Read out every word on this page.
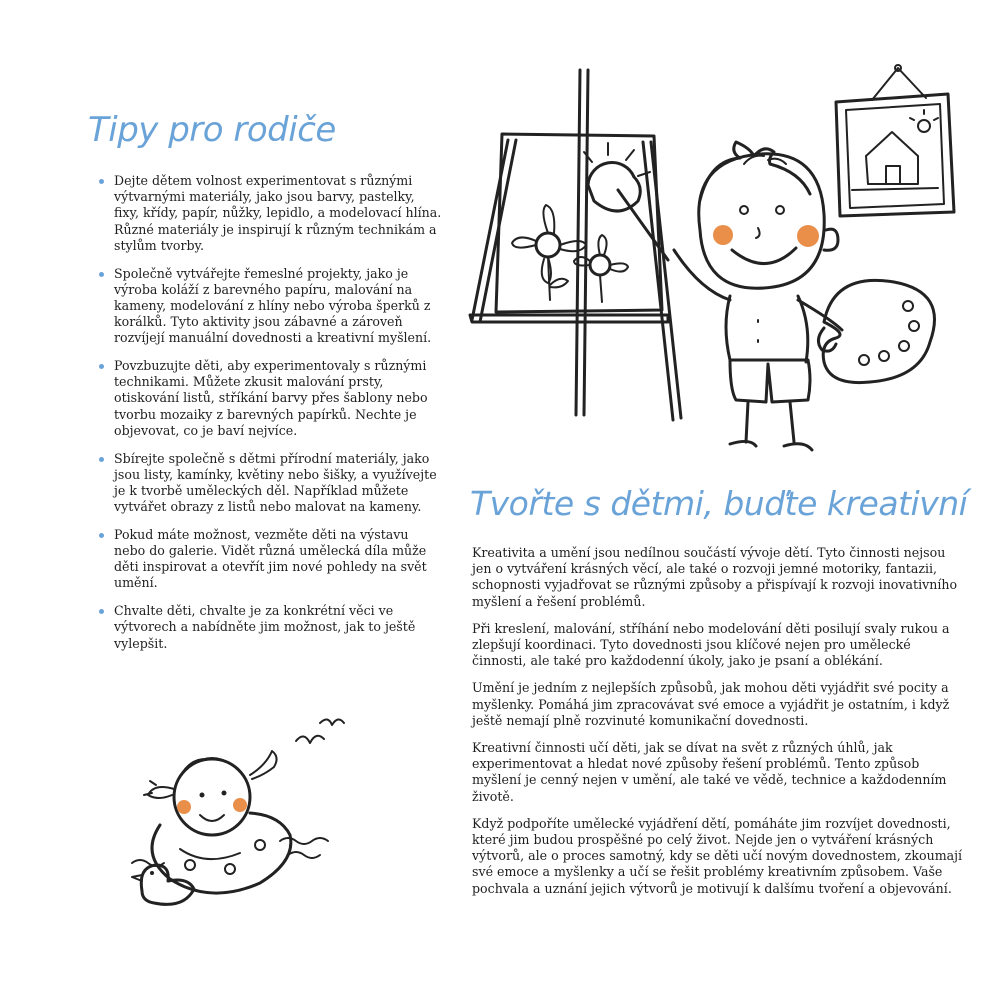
Tipy pro rodiče
Dejte dětem volnost experimentovat s různými výtvarnými materiály, jako jsou barvy, pastelky, fixy, křídy, papír, nůžky, lepidlo, a modelovací hlína. Různé materiály je inspirují k různým technikám a stylům tvorby.
Společně vytvářejte řemeslné projekty, jako je výroba koláží z barevného papíru, malování na kameny, modelování z hlíny nebo výroba šperků z korálků. Tyto aktivity jsou zábavné a zároveň rozvíjejí manuální dovednosti a kreativní myšlení.
Povzbuzujte děti, aby experimentovaly s různými technikami. Můžete zkusit malování prsty, otiskování listů, stříkání barvy přes šablony nebo tvorbu mozaiky z barevných papírků. Nechte je objevovat, co je baví nejvíce.
Sbírejte společně s dětmi přírodní materiály, jako jsou listy, kamínky, květiny nebo šišky, a využívejte je k tvorbě uměleckých děl. Například můžete vytvářet obrazy z listů nebo malovat na kameny.
Pokud máte možnost, vezměte děti na výstavu nebo do galerie. Vidět různá umělecká díla může děti inspirovat a otevřít jim nové pohledy na svět umění.
Chvalte děti, chvalte je za konkrétní věci ve výtvorech a nabídněte jim možnost, jak to ještě vylepšit.
Tvořte s dětmi, buďte kreativní

Kreativita a umění jsou nedílnou součástí vývoje dětí. Tyto činnosti nejsou jen o vytváření krásných věcí, ale také o rozvoji jemné motoriky, fantazii, schopnosti vyjadřovat se různými způsoby a přispívají k rozvoji inovativního myšlení a řešení problémů.

Při kreslení, malování, stříhání nebo modelování děti posilují svaly rukou a zlepšují koordinaci. Tyto dovednosti jsou klíčové nejen pro umělecké činnosti, ale také pro každodenní úkoly, jako je psaní a oblékání.

Umění je jedním z nejlepších způsobů, jak mohou děti vyjádřit své pocity a myšlenky. Pomáhá jim zpracovávat své emoce a vyjádřit je ostatním, i když ještě nemají plně rozvinuté komunikační dovednosti.

Kreativní činnosti učí děti, jak se dívat na svět z různých úhlů, jak experimentovat a hledat nové způsoby řešení problémů. Tento způsob myšlení je cenný nejen v umění, ale také ve vědě, technice a každodenním životě.

Když podpoříte umělecké vyjádření dětí, pomáháte jim rozvíjet dovednosti, které jim budou prospěšné po celý život. Nejde jen o vytváření krásných výtvorů, ale o proces samotný, kdy se děti učí novým dovednostem, zkoumají své emoce a myšlenky a učí se řešit problémy kreativním způsobem. Vaše pochvala a uznání jejich výtvorů je motivují k dalšímu tvoření a objevování.
